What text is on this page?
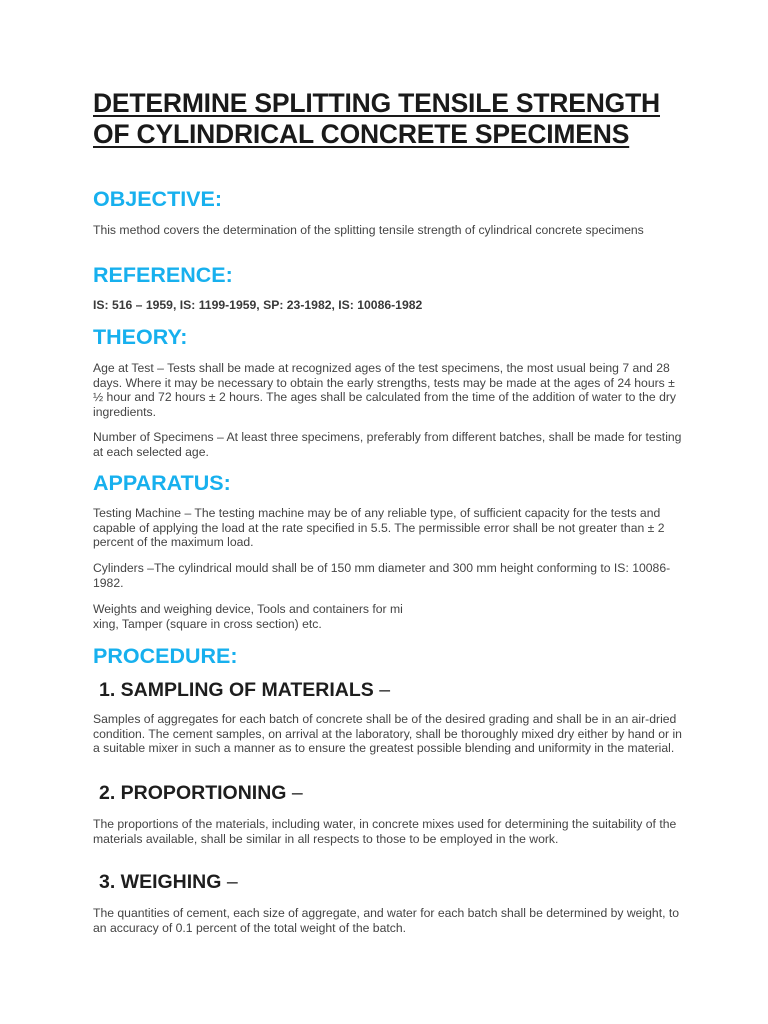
DETERMINE SPLITTING TENSILE STRENGTH OF CYLINDRICAL CONCRETE SPECIMENS
OBJECTIVE:

This method covers the determination of the splitting tensile strength of cylindrical concrete specimens

REFERENCE:

IS: 516 – 1959, IS: 1199-1959, SP: 23-1982, IS: 10086-1982

THEORY:

Age at Test – Tests shall be made at recognized ages of the test specimens, the most usual being 7 and 28 days. Where it may be necessary to obtain the early strengths, tests may be made at the ages of 24 hours ± ½ hour and 72 hours ± 2 hours. The ages shall be calculated from the time of the addition of water to the dry ingredients.

Number of Specimens – At least three specimens, preferably from different batches, shall be made for testing at each selected age.

APPARATUS:

Testing Machine – The testing machine may be of any reliable type, of sufficient capacity for the tests and capable of applying the load at the rate specified in 5.5. The permissible error shall be not greater than ± 2 percent of the maximum load.

Cylinders –The cylindrical mould shall be of 150 mm diameter and 300 mm height conforming to IS: 10086-1982.

Weights and weighing device, Tools and containers for mi

xing, Tamper (square in cross section) etc.

PROCEDURE:
1. SAMPLING OF MATERIALS –

Samples of aggregates for each batch of concrete shall be of the desired grading and shall be in an air-dried condition. The cement samples, on arrival at the laboratory, shall be thoroughly mixed dry either by hand or in a suitable mixer in such a manner as to ensure the greatest possible blending and uniformity in the material.

2. PROPORTIONING –

The proportions of the materials, including water, in concrete mixes used for determining the suitability of the materials available, shall be similar in all respects to those to be employed in the work.

3. WEIGHING –

The quantities of cement, each size of aggregate, and water for each batch shall be determined by weight, to an accuracy of 0.1 percent of the total weight of the batch.
